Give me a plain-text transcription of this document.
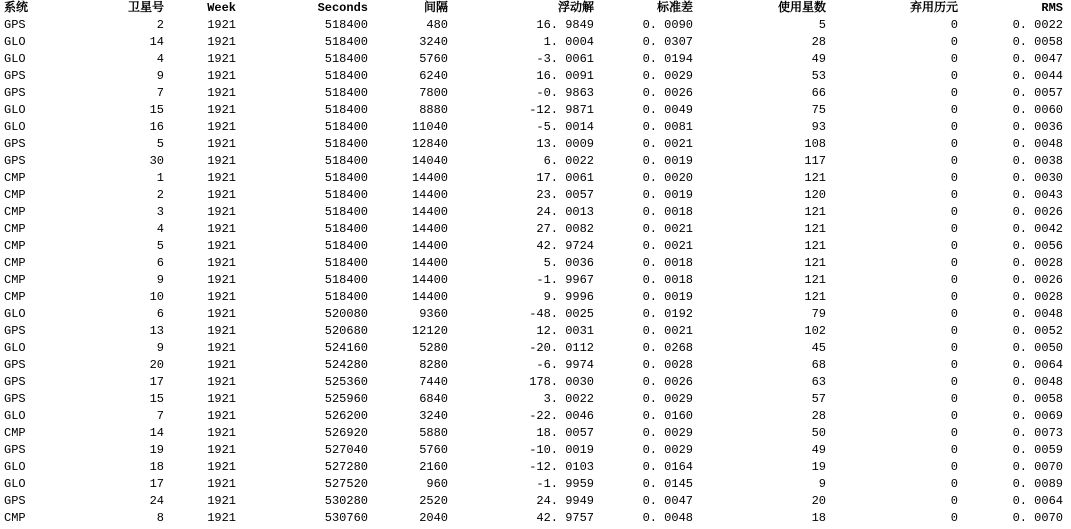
系统	卫星号	Week	Seconds	间隔	浮动解	标准差	使用星数	弃用历元	RMS
GPS	2	1921	518400	480	16. 9849	0. 0090	5	0	0. 0022
GLO	14	1921	518400	3240	1. 0004	0. 0307	28	0	0. 0058
GLO	4	1921	518400	5760	-3. 0061	0. 0194	49	0	0. 0047
GPS	9	1921	518400	6240	16. 0091	0. 0029	53	0	0. 0044
GPS	7	1921	518400	7800	-0. 9863	0. 0026	66	0	0. 0057
GLO	15	1921	518400	8880	-12. 9871	0. 0049	75	0	0. 0060
GLO	16	1921	518400	11040	-5. 0014	0. 0081	93	0	0. 0036
GPS	5	1921	518400	12840	13. 0009	0. 0021	108	0	0. 0048
GPS	30	1921	518400	14040	6. 0022	0. 0019	117	0	0. 0038
CMP	1	1921	518400	14400	17. 0061	0. 0020	121	0	0. 0030
CMP	2	1921	518400	14400	23. 0057	0. 0019	120	0	0. 0043
CMP	3	1921	518400	14400	24. 0013	0. 0018	121	0	0. 0026
CMP	4	1921	518400	14400	27. 0082	0. 0021	121	0	0. 0042
CMP	5	1921	518400	14400	42. 9724	0. 0021	121	0	0. 0056
CMP	6	1921	518400	14400	5. 0036	0. 0018	121	0	0. 0028
CMP	9	1921	518400	14400	-1. 9967	0. 0018	121	0	0. 0026
CMP	10	1921	518400	14400	9. 9996	0. 0019	121	0	0. 0028
GLO	6	1921	520080	9360	-48. 0025	0. 0192	79	0	0. 0048
GPS	13	1921	520680	12120	12. 0031	0. 0021	102	0	0. 0052
GLO	9	1921	524160	5280	-20. 0112	0. 0268	45	0	0. 0050
GPS	20	1921	524280	8280	-6. 9974	0. 0028	68	0	0. 0064
GPS	17	1921	525360	7440	178. 0030	0. 0026	63	0	0. 0048
GPS	15	1921	525960	6840	3. 0022	0. 0029	57	0	0. 0058
GLO	7	1921	526200	3240	-22. 0046	0. 0160	28	0	0. 0069
CMP	14	1921	526920	5880	18. 0057	0. 0029	50	0	0. 0073
GPS	19	1921	527040	5760	-10. 0019	0. 0029	49	0	0. 0059
GLO	18	1921	527280	2160	-12. 0103	0. 0164	19	0	0. 0070
GLO	17	1921	527520	960	-1. 9959	0. 0145	9	0	0. 0089
GPS	24	1921	530280	2520	24. 9949	0. 0047	20	0	0. 0064
CMP	8	1921	530760	2040	42. 9757	0. 0048	18	0	0. 0070
